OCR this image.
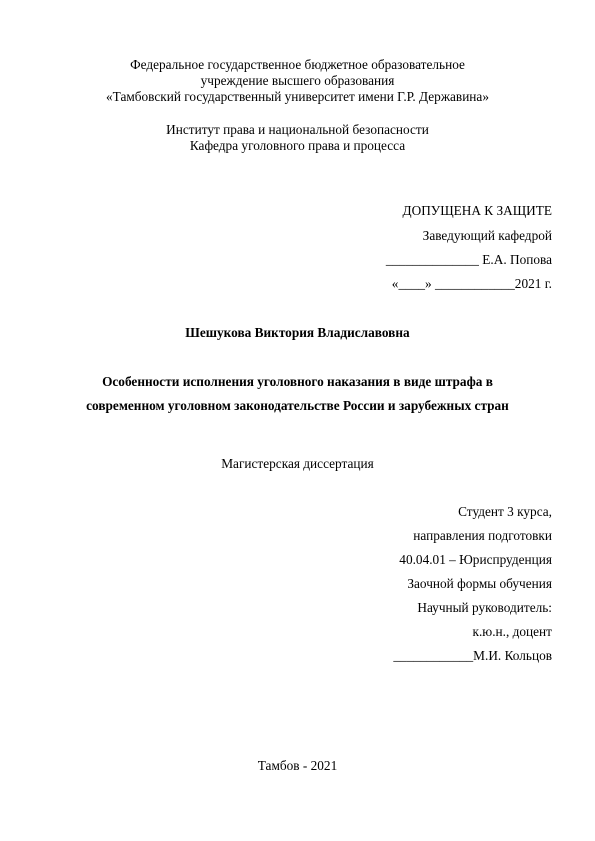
Федеральное государственное бюджетное образовательное
учреждение высшего образования
«Тамбовский государственный университет имени Г.Р. Державина»
Институт права и национальной безопасности
Кафедра уголовного права и процесса
ДОПУЩЕНА К ЗАЩИТЕ
Заведующий кафедрой
______________ Е.А. Попова
«____» ____________2021 г.
Шешукова Виктория Владиславовна
Особенности исполнения уголовного наказания в виде штрафа в
современном уголовном законодательстве России и зарубежных стран
Магистерская диссертация
Студент 3 курса,
направления подготовки
40.04.01 – Юриспруденция
Заочной формы обучения
Научный руководитель:
к.ю.н., доцент
____________М.И. Кольцов
Тамбов - 2021
